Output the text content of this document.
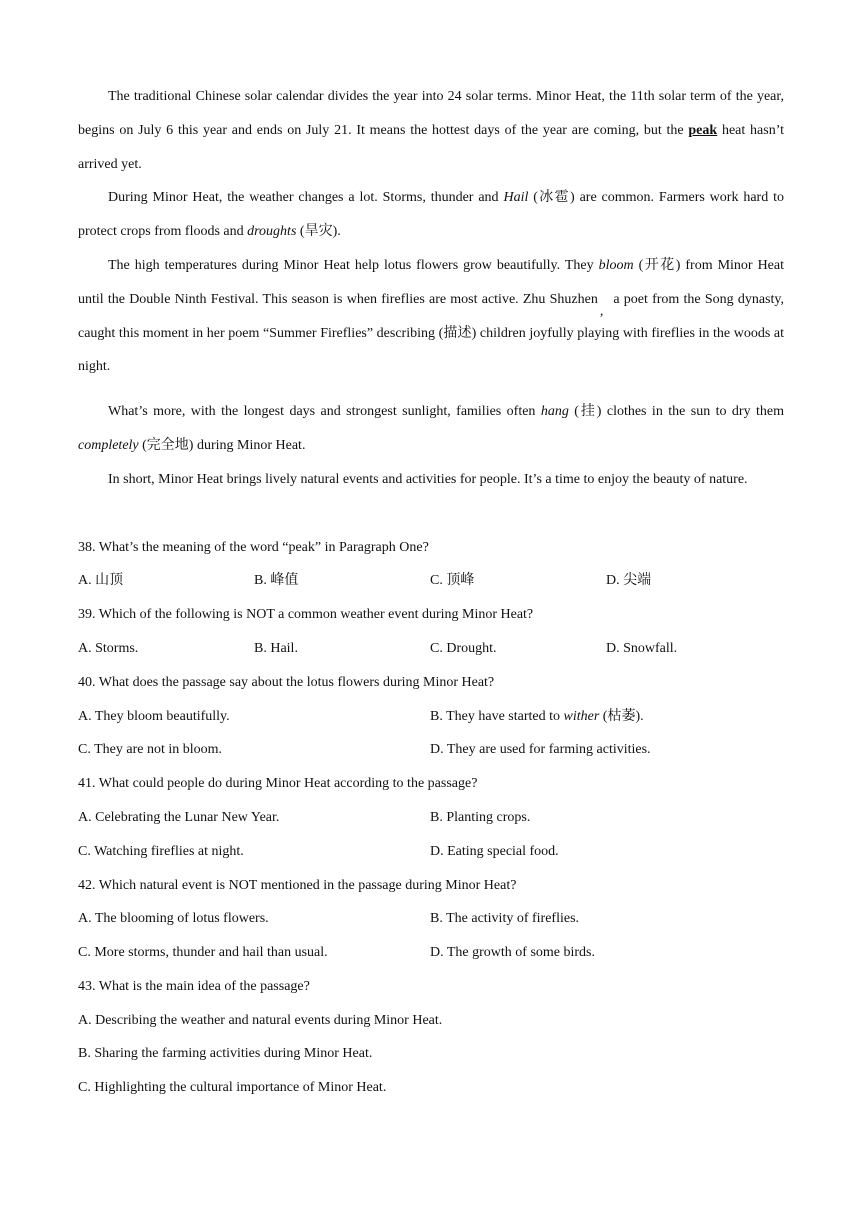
The traditional Chinese solar calendar divides the year into 24 solar terms. Minor Heat, the 11th solar term of the year, begins on July 6 this year and ends on July 21. It means the hottest days of the year are coming, but the peak heat hasn’t arrived yet.

During Minor Heat, the weather changes a lot. Storms, thunder and Hail (冰雹) are common. Farmers work hard to protect crops from floods and droughts (旱灾).

The high temperatures during Minor Heat help lotus flowers grow beautifully. They bloom (开花) from Minor Heat until the Double Ninth Festival. This season is when fireflies are most active. Zhu Shuzhen,a poet from the Song dynasty, caught this moment in her poem “Summer Fireflies” describing (描述) children joyfully playing with fireflies in the woods at night.

What’s more, with the longest days and strongest sunlight, families often hang (挂) clothes in the sun to dry them completely (完全地) during Minor Heat.

In short, Minor Heat brings lively natural events and activities for people. It’s a time to enjoy the beauty of nature.

38. What’s the meaning of the word “peak” in Paragraph One?
A. 山顶	B. 峰值	C. 顶峰	D. 尖端
39. Which of the following is NOT a common weather event during Minor Heat?
A. Storms.	B. Hail.	C. Drought.	D. Snowfall.
40. What does the passage say about the lotus flowers during Minor Heat?
A. They bloom beautifully.	B. They have started to wither (枯萎).
C. They are not in bloom.	D. They are used for farming activities.
41. What could people do during Minor Heat according to the passage?
A. Celebrating the Lunar New Year.	B. Planting crops.
C. Watching fireflies at night.	D. Eating special food.
42. Which natural event is NOT mentioned in the passage during Minor Heat?
A. The blooming of lotus flowers.	B. The activity of fireflies.
C. More storms, thunder and hail than usual.	D. The growth of some birds.
43. What is the main idea of the passage?
A. Describing the weather and natural events during Minor Heat.
B. Sharing the farming activities during Minor Heat.
C. Highlighting the cultural importance of Minor Heat.
